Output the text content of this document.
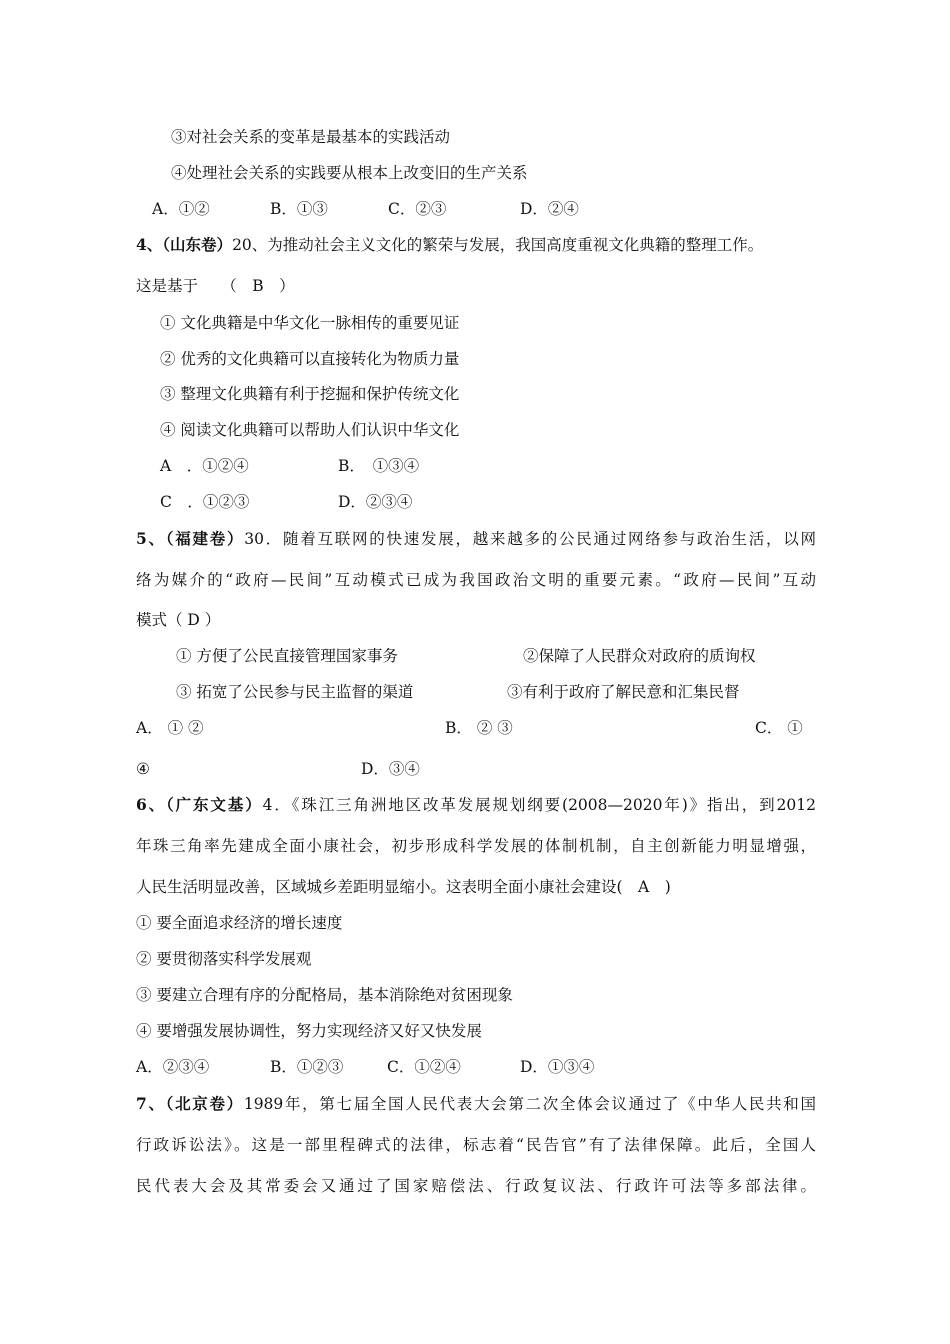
③对社会关系的变革是最基本的实践活动
④处理社会关系的实践要从根本上改变旧的生产关系
A．①②	B．①③	C．②③	D．②④
4、（山东卷）20、为推动社会主义文化的繁荣与发展，我国高度重视文化典籍的整理工作。
这是基于　　（　B　）
① 文化典籍是中华文化一脉相传的重要见证
② 优秀的文化典籍可以直接转化为物质力量
③ 整理文化典籍有利于挖掘和保护传统文化
④ 阅读文化典籍可以帮助人们认识中华文化
A　．①②④	B．　①③④
C　．①②③	D．②③④
5、（福建卷）30．随着互联网的快速发展，越来越多的公民通过网络参与政治生活，以网
络为媒介的“政府—民间”互动模式已成为我国政治文明的重要元素。“政府—民间”互动
模式（ D ）
① 方便了公民直接管理国家事务	②保障了人民群众对政府的质询权
③ 拓宽了公民参与民主监督的渠道	③有利于政府了解民意和汇集民督
A． ① ②	B． ② ③	C． ①
④	D．③④
6、（广东文基）4．《珠江三角洲地区改革发展规划纲要(2008—2020年)》指出，到2012
年珠三角率先建成全面小康社会，初步形成科学发展的体制机制，自主创新能力明显增强，
人民生活明显改善，区域城乡差距明显缩小。这表明全面小康社会建设(　A　)
① 要全面追求经济的增长速度
② 要贯彻落实科学发展观
③ 要建立合理有序的分配格局，基本消除绝对贫困现象
④ 要增强发展协调性，努力实现经济又好又快发展
A．②③④	B．①②③	C．①②④	D．①③④
7、（北京卷）1989年，第七届全国人民代表大会第二次全体会议通过了《中华人民共和国
行政诉讼法》。这是一部里程碑式的法律，标志着“民告官”有了法律保障。此后，全国人
民代表大会及其常委会又通过了国家赔偿法、行政复议法、行政许可法等多部法律。
